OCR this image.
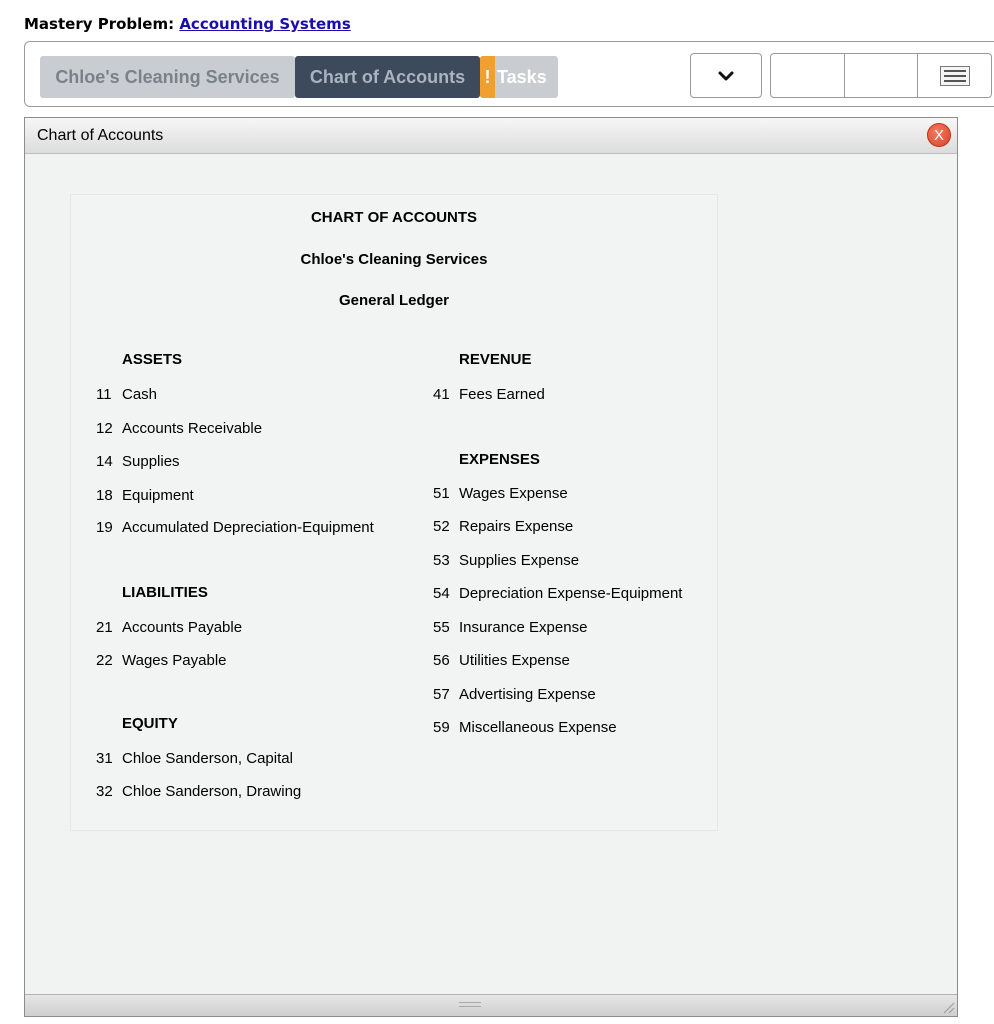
Mastery Problem: Accounting Systems
Chloe's Cleaning Services	Chart of Accounts	! Tasks
Chart of Accounts	X
CHART OF ACCOUNTS
Chloe's Cleaning Services
General Ledger
ASSETS
11 Cash
12 Accounts Receivable
14 Supplies
18 Equipment
19 Accumulated Depreciation-Equipment
LIABILITIES
21 Accounts Payable
22 Wages Payable
EQUITY
31 Chloe Sanderson, Capital
32 Chloe Sanderson, Drawing
REVENUE
41 Fees Earned
EXPENSES
51 Wages Expense
52 Repairs Expense
53 Supplies Expense
54 Depreciation Expense-Equipment
55 Insurance Expense
56 Utilities Expense
57 Advertising Expense
59 Miscellaneous Expense
